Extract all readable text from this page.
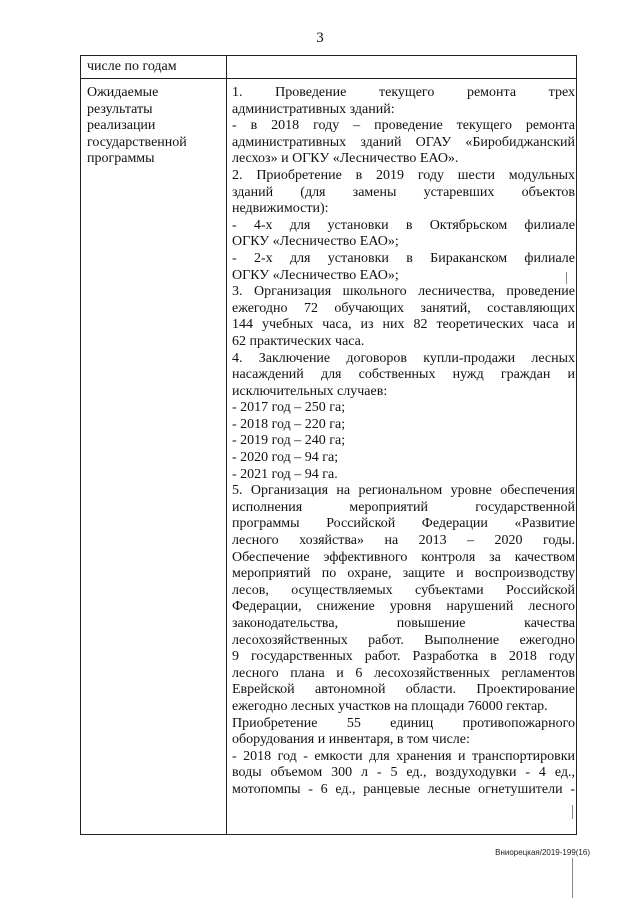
3
числе по годам
Ожидаемые
результаты
реализации
государственной
программы
1. Проведение текущего ремонта трех
административных зданий:
- в 2018 году – проведение текущего ремонта
административных зданий ОГАУ «Биробиджанский
лесхоз» и ОГКУ «Лесничество ЕАО».
2. Приобретение в 2019 году шести модульных
зданий (для замены устаревших объектов
недвижимости):
- 4-х для установки в Октябрьском филиале
ОГКУ «Лесничество ЕАО»;
- 2-х для установки в Бираканском филиале
ОГКУ «Лесничество ЕАО»;
3. Организация школьного лесничества, проведение
ежегодно 72 обучающих занятий, составляющих
144 учебных часа, из них 82 теоретических часа и
62 практических часа.
4. Заключение договоров купли-продажи лесных
насаждений для собственных нужд граждан и
исключительных случаев:
- 2017 год – 250 га;
- 2018 год – 220 га;
- 2019 год – 240 га;
- 2020 год – 94 га;
- 2021 год – 94 га.
5. Организация на региональном уровне обеспечения
исполнения мероприятий государственной
программы Российской Федерации «Развитие
лесного хозяйства» на 2013 – 2020 годы.
Обеспечение эффективного контроля за качеством
мероприятий по охране, защите и воспроизводству
лесов, осуществляемых субъектами Российской
Федерации, снижение уровня нарушений лесного
законодательства, повышение качества
лесохозяйственных работ. Выполнение ежегодно
9 государственных работ. Разработка в 2018 году
лесного плана и 6 лесохозяйственных регламентов
Еврейской автономной области. Проектирование
ежегодно лесных участков на площади 76000 гектар.
Приобретение 55 единиц противопожарного
оборудования и инвентаря, в том числе:
- 2018 год - емкости для хранения и транспортировки
воды объемом 300 л - 5 ед., воздуходувки - 4 ед.,
мотопомпы - 6 ед., ранцевые лесные огнетушители -
Вниорецкая/2019-199(16)
